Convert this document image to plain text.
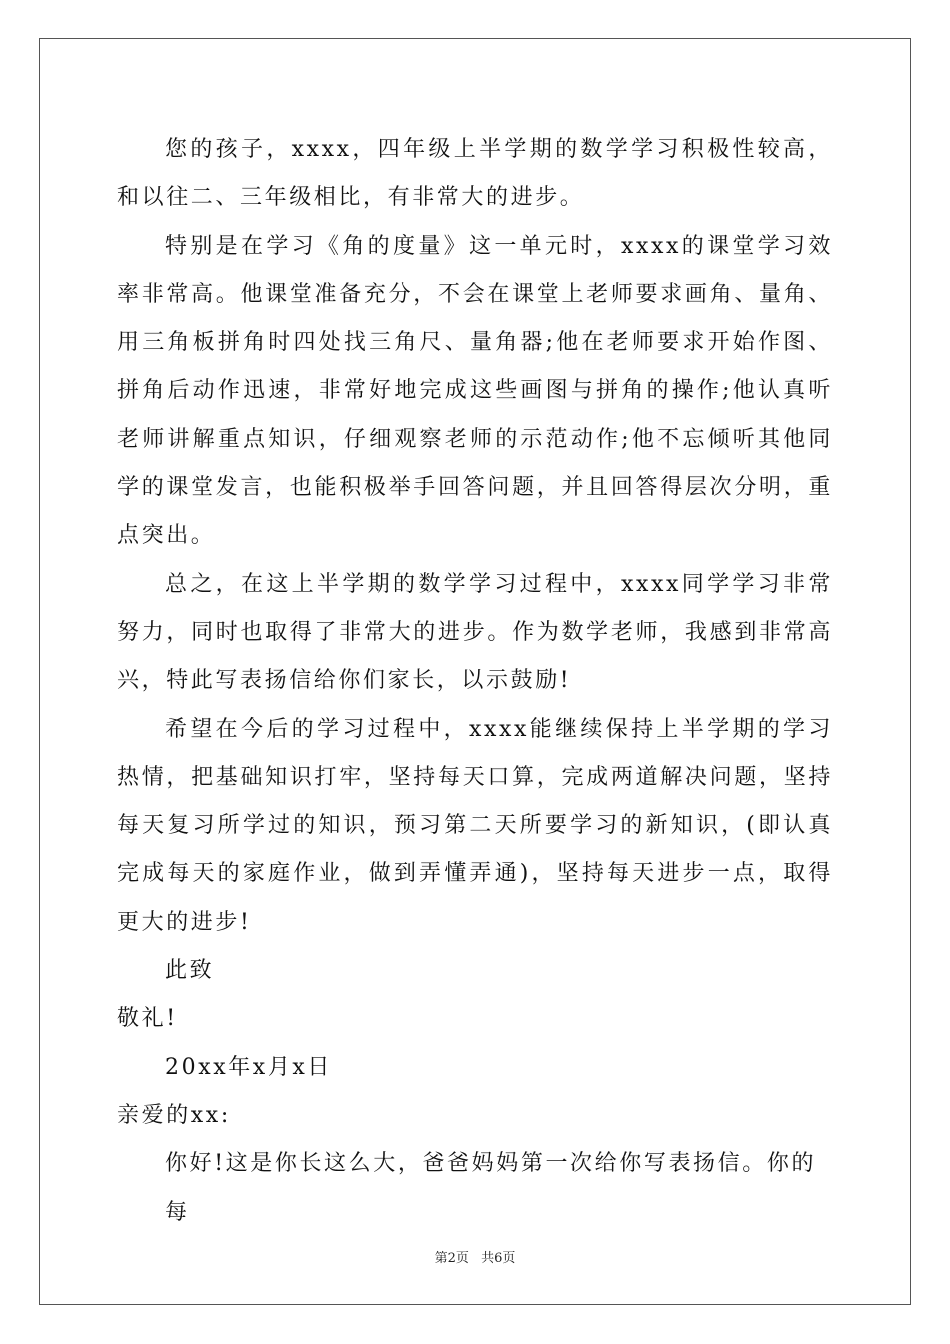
您的孩子，xxxx，四年级上半学期的数学学习积极性较高，和以往二、三年级相比，有非常大的进步。

特别是在学习《角的度量》这一单元时，xxxx的课堂学习效率非常高。他课堂准备充分，不会在课堂上老师要求画角、量角、用三角板拼角时四处找三角尺、量角器;他在老师要求开始作图、拼角后动作迅速，非常好地完成这些画图与拼角的操作;他认真听老师讲解重点知识，仔细观察老师的示范动作;他不忘倾听其他同学的课堂发言，也能积极举手回答问题，并且回答得层次分明，重点突出。

总之，在这上半学期的数学学习过程中，xxxx同学学习非常努力，同时也取得了非常大的进步。作为数学老师，我感到非常高兴，特此写表扬信给你们家长，以示鼓励!

希望在今后的学习过程中，xxxx能继续保持上半学期的学习热情，把基础知识打牢，坚持每天口算，完成两道解决问题，坚持每天复习所学过的知识，预习第二天所要学习的新知识，(即认真完成每天的家庭作业，做到弄懂弄通)，坚持每天进步一点，取得更大的进步!

此致

敬礼!

20xx年x月x日

亲爱的xx:

你好!这是你长这么大，爸爸妈妈第一次给你写表扬信。你的每

第2页 共6页
